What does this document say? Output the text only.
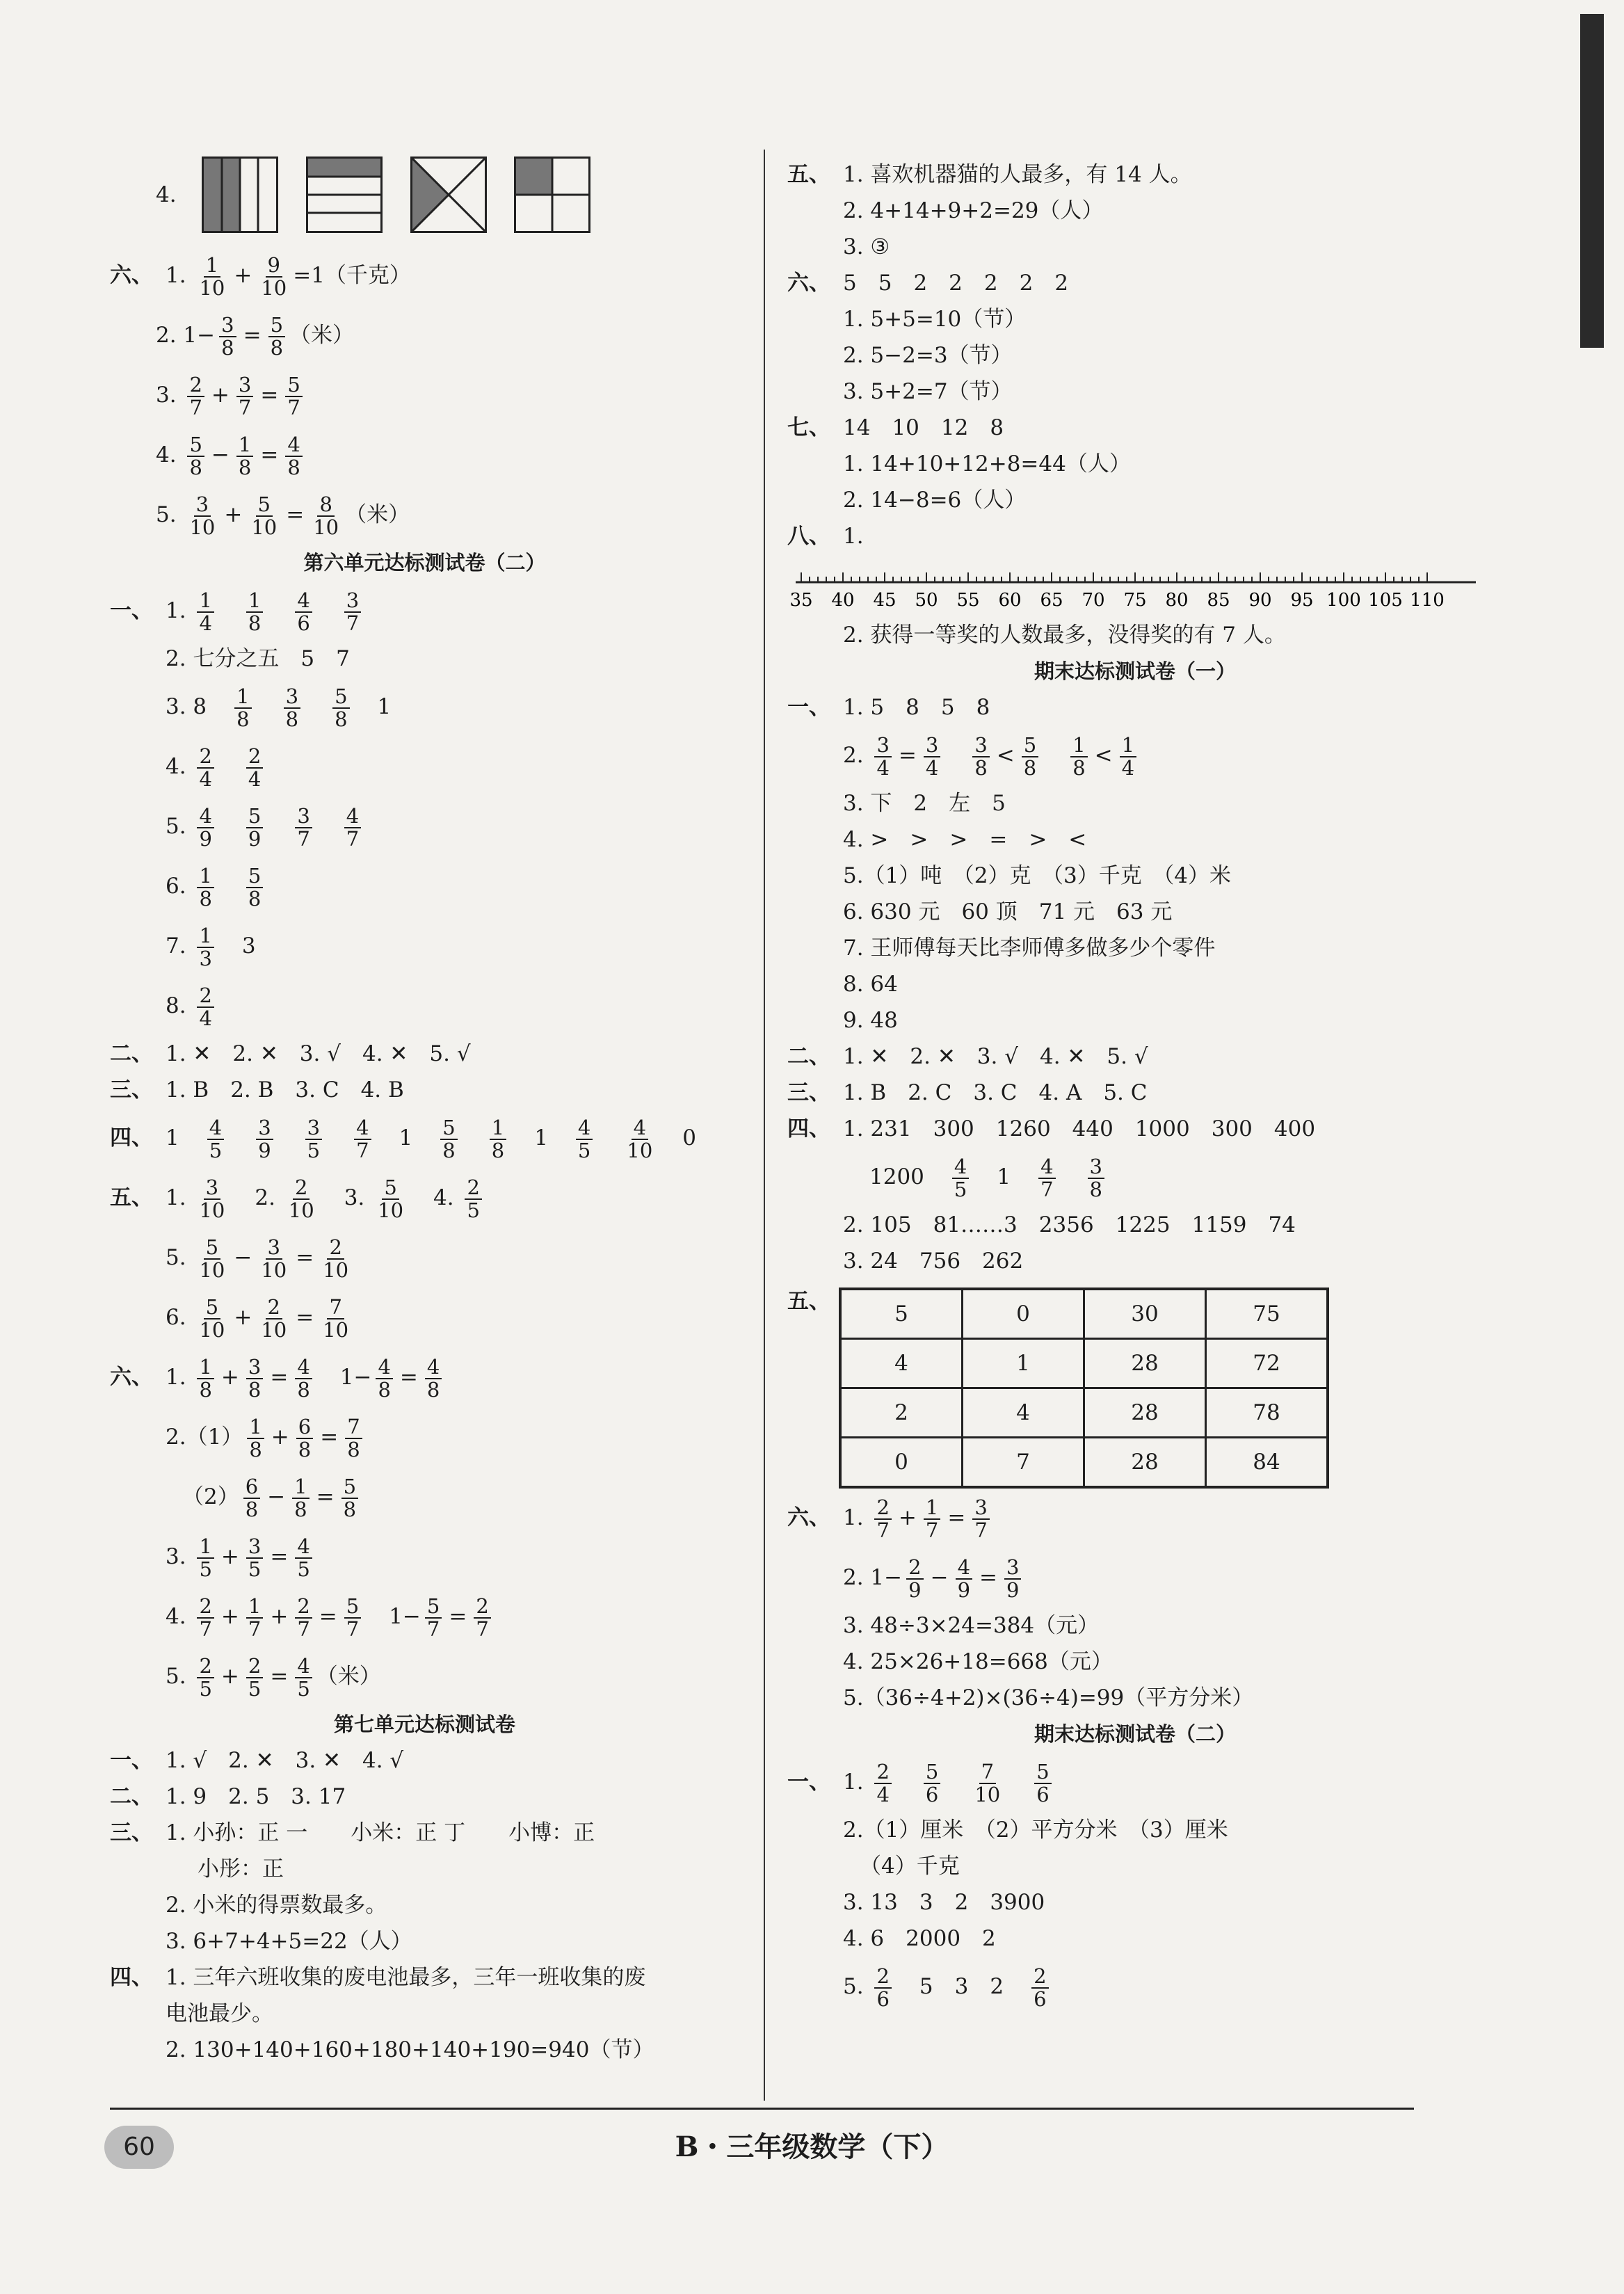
4.

六、 1. $\frac{1}{10} + \frac{9}{10} =1$（千克）
2. $1- \frac{3}{8} = \frac{5}{8}$ （米）
3. $\frac{2}{7} + \frac{3}{7} = \frac{5}{7}$
4. $\frac{5}{8} - \frac{1}{8} = \frac{4}{8}$
5. $\frac{3}{10} + \frac{5}{10} = \frac{8}{10}$ （米）
第六单元达标测试卷（二）
一、 1. $\frac{1}{4} \frac{1}{8} \frac{4}{6} \frac{3}{7}$
2. 七分之五　5　7
3. $8 \frac{1}{8} \frac{3}{8} \frac{5}{8} 1$
4. $\frac{2}{4} \frac{2}{4}$
5. $\frac{4}{9} \frac{5}{9} \frac{3}{7} \frac{4}{7}$
6. $\frac{1}{8} \frac{5}{8}$
7. $\frac{1}{3} 3$
8. $\frac{2}{4}$
二、 1. ✕　2. ✕　3. √　4. ✕　5. √
三、 1. B　2. B　3. C　4. B
四、 $1 \frac{4}{5} \frac{3}{9} \frac{3}{5} \frac{4}{7} 1 \frac{5}{8} \frac{1}{8} 1 \frac{4}{5} \frac{4}{10} 0$
五、 1. $\frac{3}{10} 2$. $\frac{2}{10} 3$. $\frac{5}{10} 4$. $\frac{2}{5}$
5. $\frac{5}{10} - \frac{3}{10} = \frac{2}{10}$
6. $\frac{5}{10} + \frac{2}{10} = \frac{7}{10}$
六、 1. $\frac{1}{8} + \frac{3}{8} = \frac{4}{8} 1- \frac{4}{8} = \frac{4}{8}$
$2.(1) \frac{1}{8} + \frac{6}{8} = \frac{7}{8}$
$(2) \frac{6}{8} - \frac{1}{8} = \frac{5}{8}$
3. $\frac{1}{5} + \frac{3}{5} = \frac{4}{5}$
4. $\frac{2}{7} + \frac{1}{7} + \frac{2}{7} = \frac{5}{7} 1- \frac{5}{7} = \frac{2}{7}$
5. $\frac{2}{5} + \frac{2}{5} = \frac{4}{5}$ （米）
第七单元达标测试卷
一、 1. √　2. ✕　3. ✕　4. √
二、 1. 9　2. 5　3. 17
三、 1. 小孙：正 一　　小米：正 丁　　小博：正
小彤：正
2. 小米的得票数最多。
3. 6+7+4+5=22（人）
四、 1. 三年六班收集的废电池最多，三年一班收集的废
电池最少。
2. 130+140+160+180+140+190=940（节）
五、 1. 喜欢机器猫的人最多，有 14 人。
2. 4+14+9+2=29（人）
3. ③
六、 5　5　2　2　2　2　2
1. 5+5=10（节）
2. 5−2=3（节）
3. 5+2=7（节）
七、 14　10　12　8
1. 14+10+12+8=44（人）
2. 14−8=6（人）
八、 1.
35 40 45 50 55 60 65 70 75 80 85 90 95 100 105 110
2. 获得一等奖的人数最多，没得奖的有 7 人。
期末达标测试卷（一）
一、 1. 5　8　5　8
2. $\frac{3}{4} = \frac{3}{4} \frac{3}{8} < \frac{5}{8} \frac{1}{8} < \frac{1}{4}$
3. 下　2　左　5
4. >　>　>　=　>　<
5.（1）吨　（2）克　（3）千克　（4）米
6. 630 元　60 顶　71 元　63 元
7. 王师傅每天比李师傅多做多少个零件
8. 64
9. 48
二、 1. ✕　2. ✕　3. √　4. ✕　5. √
三、 1. B　2. C　3. C　4. A　5. C
四、 1. 231　300　1260　440　1000　300　400
$1200 \frac{4}{5} 1 \frac{4}{7} \frac{3}{8}$
2. 105　81……3　2356　1225　1159　74
3. 24　756　262
五、	5	0	30	75
4	1	28	72
2	4	28	78
0	7	28	84
六、 1. $\frac{2}{7} + \frac{1}{7} = \frac{3}{7}$
2. $1- \frac{2}{9} - \frac{4}{9} = \frac{3}{9}$
3. 48÷3×24=384（元）
4. 25×26+18=668（元）
5.（36÷4+2)×(36÷4)=99（平方分米）
期末达标测试卷（二）
一、 1. $\frac{2}{4} \frac{5}{6} \frac{7}{10} \frac{5}{6}$
2.（1）厘米　（2）平方分米　（3）厘米
（4）千克
3. 13　3　2　3900
4. 6　2000　2
5. $\frac{2}{6} 5$　3　$2 \frac{2}{6}$
60	B・三年级数学（下）
